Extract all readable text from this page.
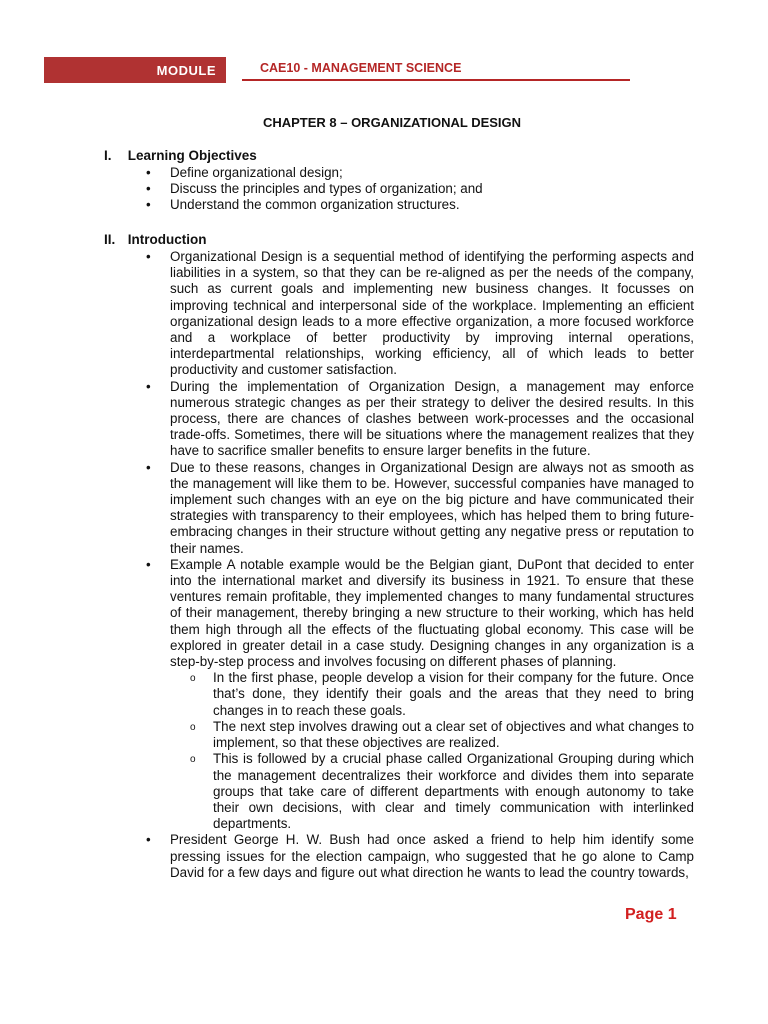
MODULE	CAE10 - MANAGEMENT SCIENCE
CHAPTER 8 – ORGANIZATIONAL DESIGN
I. Learning Objectives
• Define organizational design;
• Discuss the principles and types of organization; and
• Understand the common organization structures.
II. Introduction
• Organizational Design is a sequential method of identifying the performing aspects and liabilities in a system, so that they can be re-aligned as per the needs of the company, such as current goals and implementing new business changes. It focusses on improving technical and interpersonal side of the workplace. Implementing an efficient organizational design leads to a more effective organization, a more focused workforce and a workplace of better productivity by improving internal operations, interdepartmental relationships, working efficiency, all of which leads to better productivity and customer satisfaction.
• During the implementation of Organization Design, a management may enforce numerous strategic changes as per their strategy to deliver the desired results. In this process, there are chances of clashes between work-processes and the occasional trade-offs. Sometimes, there will be situations where the management realizes that they have to sacrifice smaller benefits to ensure larger benefits in the future.
• Due to these reasons, changes in Organizational Design are always not as smooth as the management will like them to be. However, successful companies have managed to implement such changes with an eye on the big picture and have communicated their strategies with transparency to their employees, which has helped them to bring future-embracing changes in their structure without getting any negative press or reputation to their names.
• Example A notable example would be the Belgian giant, DuPont that decided to enter into the international market and diversify its business in 1921. To ensure that these ventures remain profitable, they implemented changes to many fundamental structures of their management, thereby bringing a new structure to their working, which has held them high through all the effects of the fluctuating global economy. This case will be explored in greater detail in a case study. Designing changes in any organization is a step-by-step process and involves focusing on different phases of planning.
o In the first phase, people develop a vision for their company for the future. Once that’s done, they identify their goals and the areas that they need to bring changes in to reach these goals.
o The next step involves drawing out a clear set of objectives and what changes to implement, so that these objectives are realized.
o This is followed by a crucial phase called Organizational Grouping during which the management decentralizes their workforce and divides them into separate groups that take care of different departments with enough autonomy to take their own decisions, with clear and timely communication with interlinked departments.
• President George H. W. Bush had once asked a friend to help him identify some pressing issues for the election campaign, who suggested that he go alone to Camp David for a few days and figure out what direction he wants to lead the country towards,
Page 1
